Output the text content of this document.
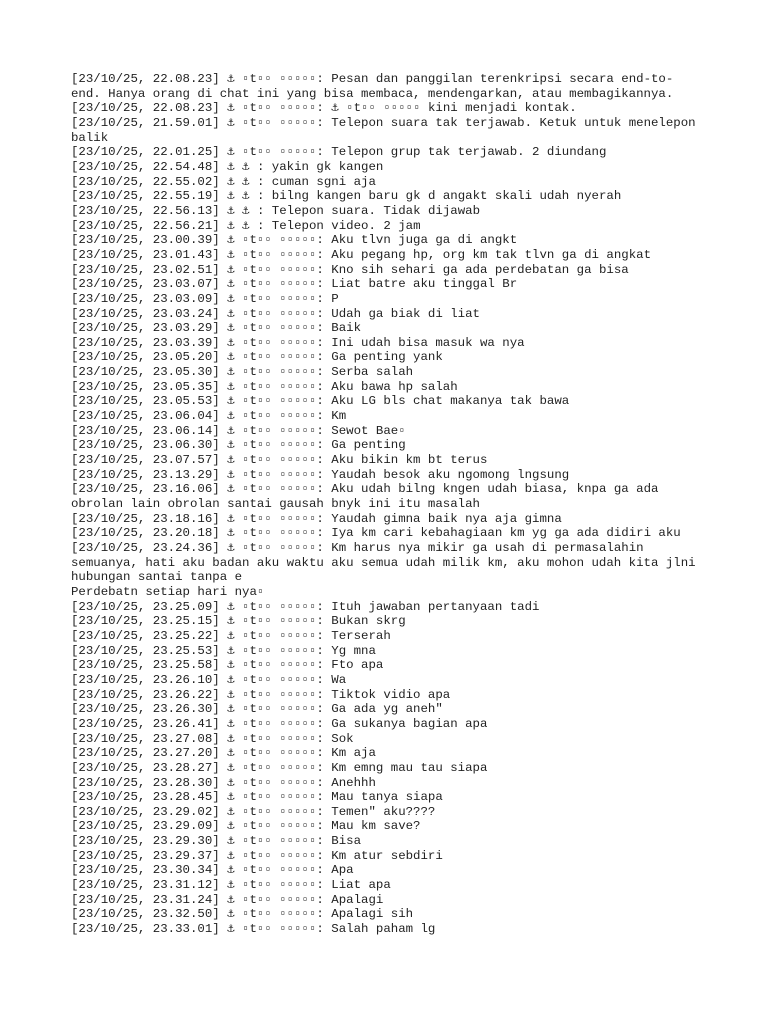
[23/10/25, 22.08.23] ⚓ ▫t▫▫ ▫▫▫▫▫: Pesan dan panggilan terenkripsi secara end-to-end. Hanya orang di chat ini yang bisa membaca, mendengarkan, atau membagikannya.
[23/10/25, 22.08.23] ⚓ ▫t▫▫ ▫▫▫▫▫: ⚓ ▫t▫▫ ▫▫▫▫▫ kini menjadi kontak.
[23/10/25, 21.59.01] ⚓ ▫t▫▫ ▫▫▫▫▫: Telepon suara tak terjawab. Ketuk untuk menelepon balik
[23/10/25, 22.01.25] ⚓ ▫t▫▫ ▫▫▫▫▫: Telepon grup tak terjawab. 2 diundang
[23/10/25, 22.54.48] ⚓ ⚓ : yakin gk kangen
[23/10/25, 22.55.02] ⚓ ⚓ : cuman sgni aja
[23/10/25, 22.55.19] ⚓ ⚓ : bilng kangen baru gk d angakt skali udah nyerah
[23/10/25, 22.56.13] ⚓ ⚓ : Telepon suara. Tidak dijawab
[23/10/25, 22.56.21] ⚓ ⚓ : Telepon video. 2 jam
[23/10/25, 23.00.39] ⚓ ▫t▫▫ ▫▫▫▫▫: Aku tlvn juga ga di angkt
[23/10/25, 23.01.43] ⚓ ▫t▫▫ ▫▫▫▫▫: Aku pegang hp, org km tak tlvn ga di angkat
[23/10/25, 23.02.51] ⚓ ▫t▫▫ ▫▫▫▫▫: Kno sih sehari ga ada perdebatan ga bisa
[23/10/25, 23.03.07] ⚓ ▫t▫▫ ▫▫▫▫▫: Liat batre aku tinggal Br
[23/10/25, 23.03.09] ⚓ ▫t▫▫ ▫▫▫▫▫: P
[23/10/25, 23.03.24] ⚓ ▫t▫▫ ▫▫▫▫▫: Udah ga biak di liat
[23/10/25, 23.03.29] ⚓ ▫t▫▫ ▫▫▫▫▫: Baik
[23/10/25, 23.03.39] ⚓ ▫t▫▫ ▫▫▫▫▫: Ini udah bisa masuk wa nya
[23/10/25, 23.05.20] ⚓ ▫t▫▫ ▫▫▫▫▫: Ga penting yank
[23/10/25, 23.05.30] ⚓ ▫t▫▫ ▫▫▫▫▫: Serba salah
[23/10/25, 23.05.35] ⚓ ▫t▫▫ ▫▫▫▫▫: Aku bawa hp salah
[23/10/25, 23.05.53] ⚓ ▫t▫▫ ▫▫▫▫▫: Aku LG bls chat makanya tak bawa
[23/10/25, 23.06.04] ⚓ ▫t▫▫ ▫▫▫▫▫: Km
[23/10/25, 23.06.14] ⚓ ▫t▫▫ ▫▫▫▫▫: Sewot Bae▫
[23/10/25, 23.06.30] ⚓ ▫t▫▫ ▫▫▫▫▫: Ga penting
[23/10/25, 23.07.57] ⚓ ▫t▫▫ ▫▫▫▫▫: Aku bikin km bt terus
[23/10/25, 23.13.29] ⚓ ▫t▫▫ ▫▫▫▫▫: Yaudah besok aku ngomong lngsung
[23/10/25, 23.16.06] ⚓ ▫t▫▫ ▫▫▫▫▫: Aku udah bilng kngen udah biasa, knpa ga ada obrolan lain obrolan santai gausah bnyk ini itu masalah
[23/10/25, 23.18.16] ⚓ ▫t▫▫ ▫▫▫▫▫: Yaudah gimna baik nya aja gimna
[23/10/25, 23.20.18] ⚓ ▫t▫▫ ▫▫▫▫▫: Iya km cari kebahagiaan km yg ga ada didiri aku
[23/10/25, 23.24.36] ⚓ ▫t▫▫ ▫▫▫▫▫: Km harus nya mikir ga usah di permasalahin semuanya, hati aku badan aku waktu aku semua udah milik km, aku mohon udah kita jlni hubungan santai tanpa e
Perdebatn setiap hari nya▫
[23/10/25, 23.25.09] ⚓ ▫t▫▫ ▫▫▫▫▫: Ituh jawaban pertanyaan tadi
[23/10/25, 23.25.15] ⚓ ▫t▫▫ ▫▫▫▫▫: Bukan skrg
[23/10/25, 23.25.22] ⚓ ▫t▫▫ ▫▫▫▫▫: Terserah
[23/10/25, 23.25.53] ⚓ ▫t▫▫ ▫▫▫▫▫: Yg mna
[23/10/25, 23.25.58] ⚓ ▫t▫▫ ▫▫▫▫▫: Fto apa
[23/10/25, 23.26.10] ⚓ ▫t▫▫ ▫▫▫▫▫: Wa
[23/10/25, 23.26.22] ⚓ ▫t▫▫ ▫▫▫▫▫: Tiktok vidio apa
[23/10/25, 23.26.30] ⚓ ▫t▫▫ ▫▫▫▫▫: Ga ada yg aneh"
[23/10/25, 23.26.41] ⚓ ▫t▫▫ ▫▫▫▫▫: Ga sukanya bagian apa
[23/10/25, 23.27.08] ⚓ ▫t▫▫ ▫▫▫▫▫: Sok
[23/10/25, 23.27.20] ⚓ ▫t▫▫ ▫▫▫▫▫: Km aja
[23/10/25, 23.28.27] ⚓ ▫t▫▫ ▫▫▫▫▫: Km emng mau tau siapa
[23/10/25, 23.28.30] ⚓ ▫t▫▫ ▫▫▫▫▫: Anehhh
[23/10/25, 23.28.45] ⚓ ▫t▫▫ ▫▫▫▫▫: Mau tanya siapa
[23/10/25, 23.29.02] ⚓ ▫t▫▫ ▫▫▫▫▫: Temen" aku????
[23/10/25, 23.29.09] ⚓ ▫t▫▫ ▫▫▫▫▫: Mau km save?
[23/10/25, 23.29.30] ⚓ ▫t▫▫ ▫▫▫▫▫: Bisa
[23/10/25, 23.29.37] ⚓ ▫t▫▫ ▫▫▫▫▫: Km atur sebdiri
[23/10/25, 23.30.34] ⚓ ▫t▫▫ ▫▫▫▫▫: Apa
[23/10/25, 23.31.12] ⚓ ▫t▫▫ ▫▫▫▫▫: Liat apa
[23/10/25, 23.31.24] ⚓ ▫t▫▫ ▫▫▫▫▫: Apalagi
[23/10/25, 23.32.50] ⚓ ▫t▫▫ ▫▫▫▫▫: Apalagi sih
[23/10/25, 23.33.01] ⚓ ▫t▫▫ ▫▫▫▫▫: Salah paham lg
